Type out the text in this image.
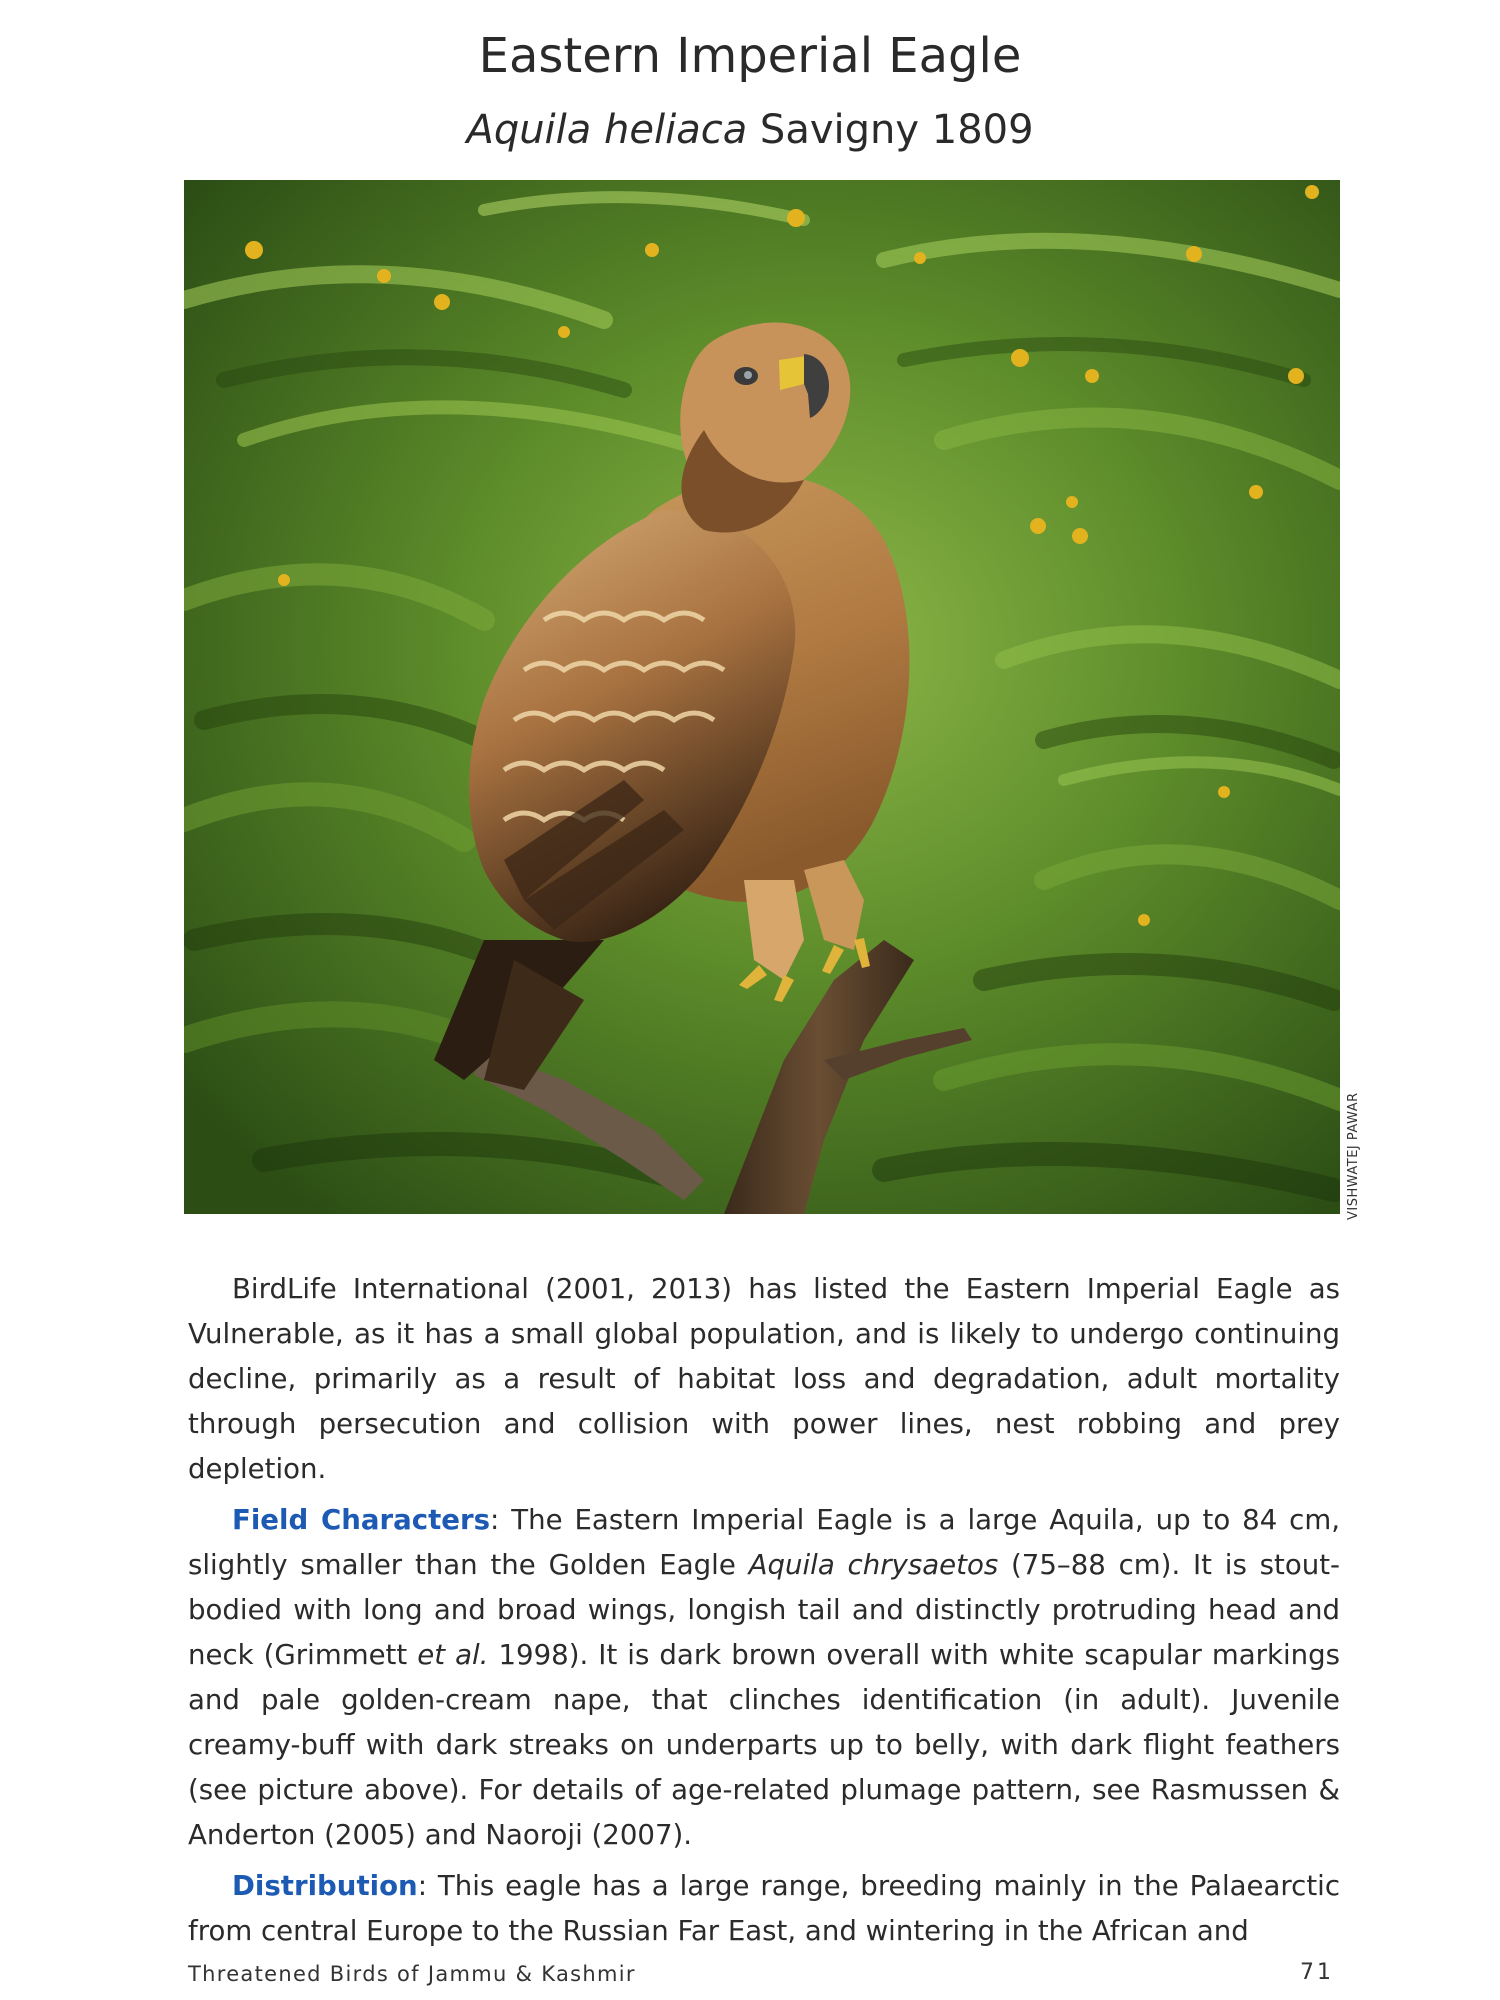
Eastern Imperial Eagle
Aquila heliaca Savigny 1809
VISHWATEJ PAWAR

BirdLife International (2001, 2013) has listed the Eastern Imperial Eagle as Vulnerable, as it has a small global population, and is likely to undergo continuing decline, primarily as a result of habitat loss and degradation, adult mortality through persecution and collision with power lines, nest robbing and prey depletion.

Field Characters: The Eastern Imperial Eagle is a large Aquila, up to 84 cm, slightly smaller than the Golden Eagle Aquila chrysaetos (75–88 cm). It is stout-bodied with long and broad wings, longish tail and distinctly protruding head and neck (Grimmett et al. 1998). It is dark brown overall with white scapular markings and pale golden-cream nape, that clinches identification (in adult). Juvenile creamy-buff with dark streaks on underparts up to belly, with dark flight feathers (see picture above). For details of age-related plumage pattern, see Rasmussen & Anderton (2005) and Naoroji (2007).

Distribution: This eagle has a large range, breeding mainly in the Palaearctic from central Europe to the Russian Far East, and wintering in the African and

Threatened Birds of Jammu & Kashmir	71
